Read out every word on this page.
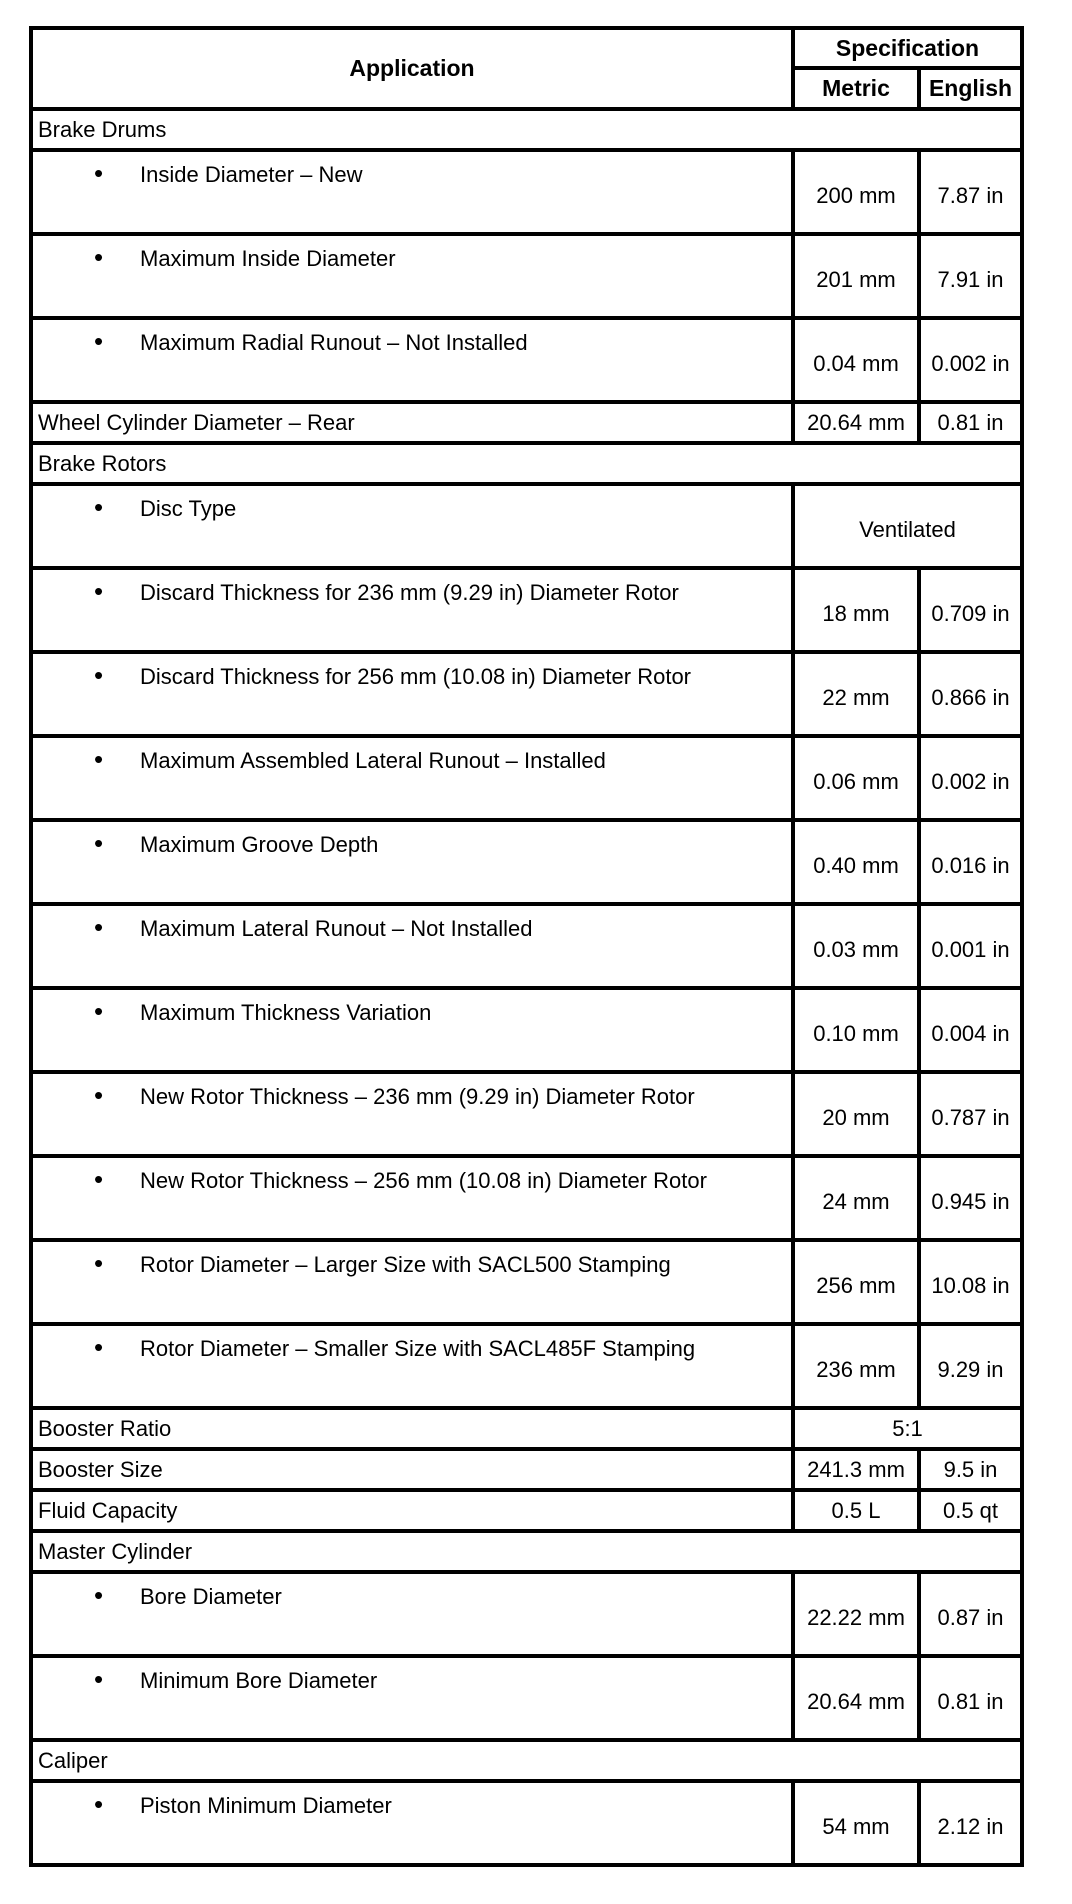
Application	Specification	
	Metric	English
Brake Drums		

• Inside Diameter – New	200 mm	7.87 in

• Maximum Inside Diameter	201 mm	7.91 in

• Maximum Radial Runout – Not Installed	0.04 mm	0.002 in
Wheel Cylinder Diameter – Rear	20.64 mm	0.81 in
Brake Rotors		

• Disc Type	Ventilated	

• Discard Thickness for 236 mm (9.29 in) Diameter Rotor	18 mm	0.709 in

• Discard Thickness for 256 mm (10.08 in) Diameter Rotor	22 mm	0.866 in

• Maximum Assembled Lateral Runout – Installed	0.06 mm	0.002 in

• Maximum Groove Depth	0.40 mm	0.016 in

• Maximum Lateral Runout – Not Installed	0.03 mm	0.001 in

• Maximum Thickness Variation	0.10 mm	0.004 in

• New Rotor Thickness – 236 mm (9.29 in) Diameter Rotor	20 mm	0.787 in

• New Rotor Thickness – 256 mm (10.08 in) Diameter Rotor	24 mm	0.945 in

• Rotor Diameter – Larger Size with SACL500 Stamping	256 mm	10.08 in

• Rotor Diameter – Smaller Size with SACL485F Stamping	236 mm	9.29 in
Booster Ratio	5:1	
Booster Size	241.3 mm	9.5 in
Fluid Capacity	0.5 L	0.5 qt
Master Cylinder		

• Bore Diameter	22.22 mm	0.87 in

• Minimum Bore Diameter	20.64 mm	0.81 in
Caliper		

• Piston Minimum Diameter	54 mm	2.12 in
